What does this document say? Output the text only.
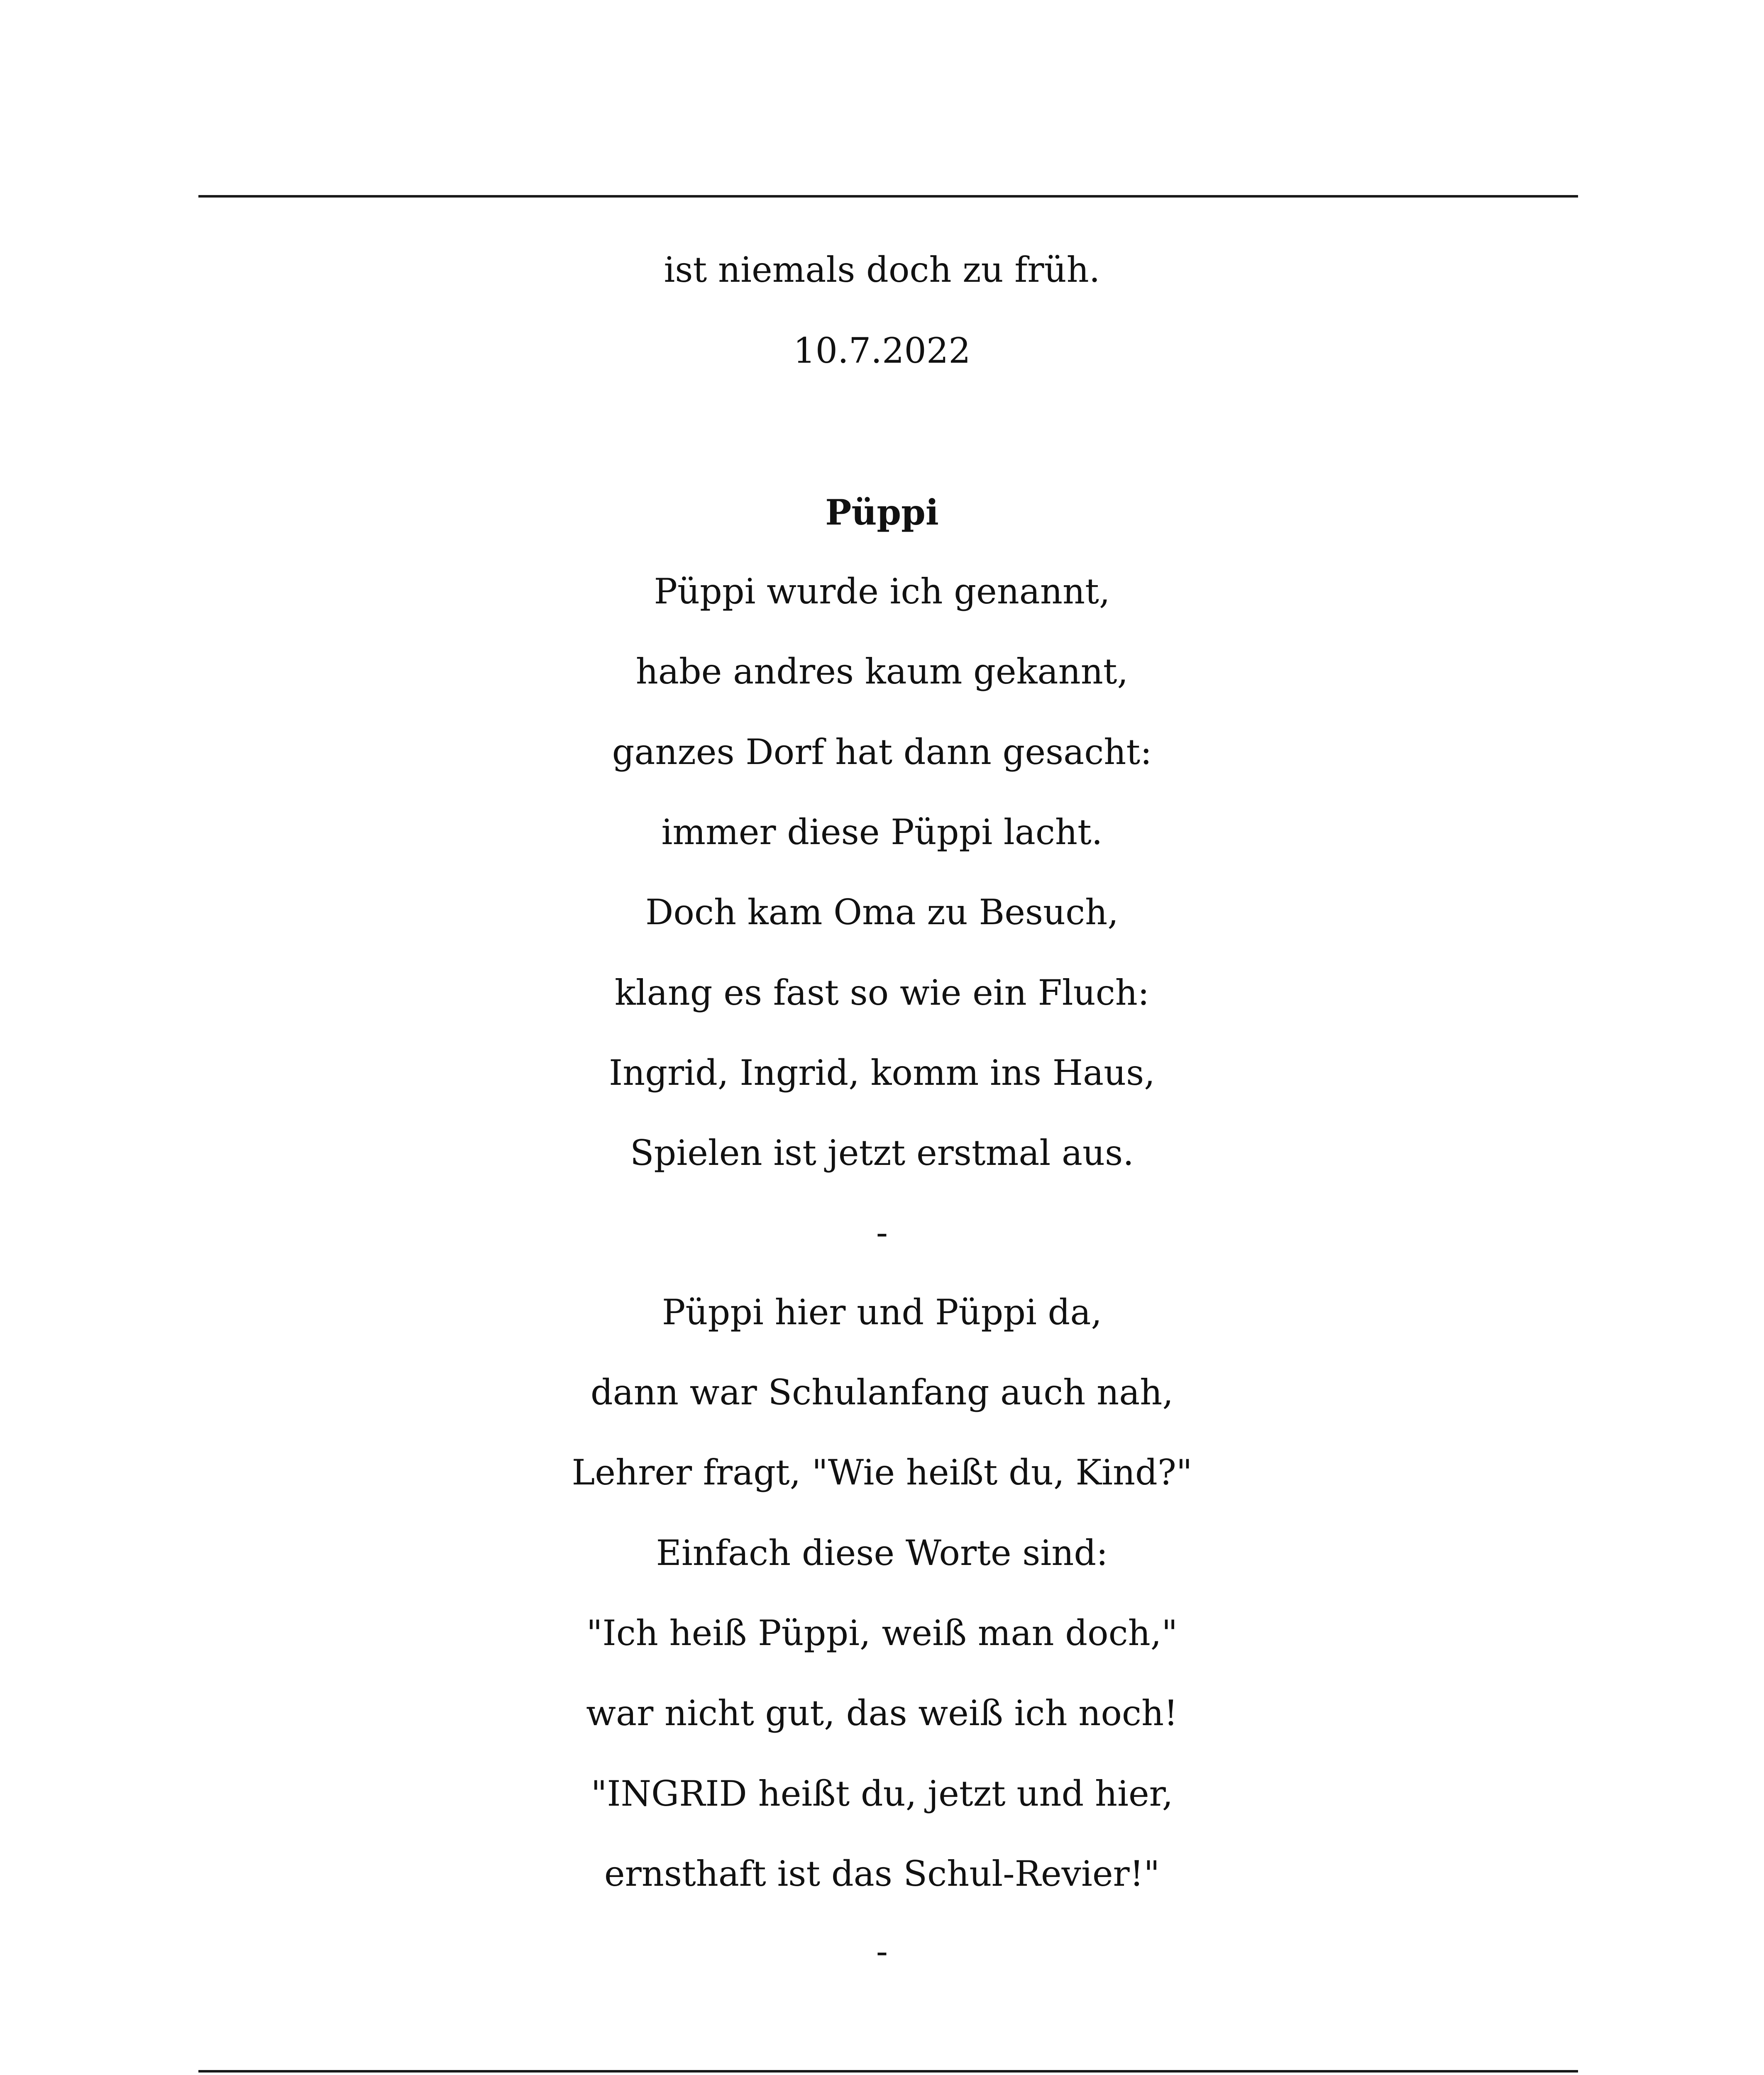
ist niemals doch zu früh.
10.7.2022
Püppi
Püppi wurde ich genannt,
habe andres kaum gekannt,
ganzes Dorf hat dann gesacht:
immer diese Püppi lacht.
Doch kam Oma zu Besuch,
klang es fast so wie ein Fluch:
Ingrid, Ingrid, komm ins Haus,
Spielen ist jetzt erstmal aus.
-
Püppi hier und Püppi da,
dann war Schulanfang auch nah,
Lehrer fragt, "Wie heißt du, Kind?"
Einfach diese Worte sind:
"Ich heiß Püppi, weiß man doch,"
war nicht gut, das weiß ich noch!
"INGRID heißt du, jetzt und hier,
ernsthaft ist das Schul-Revier!"
-
